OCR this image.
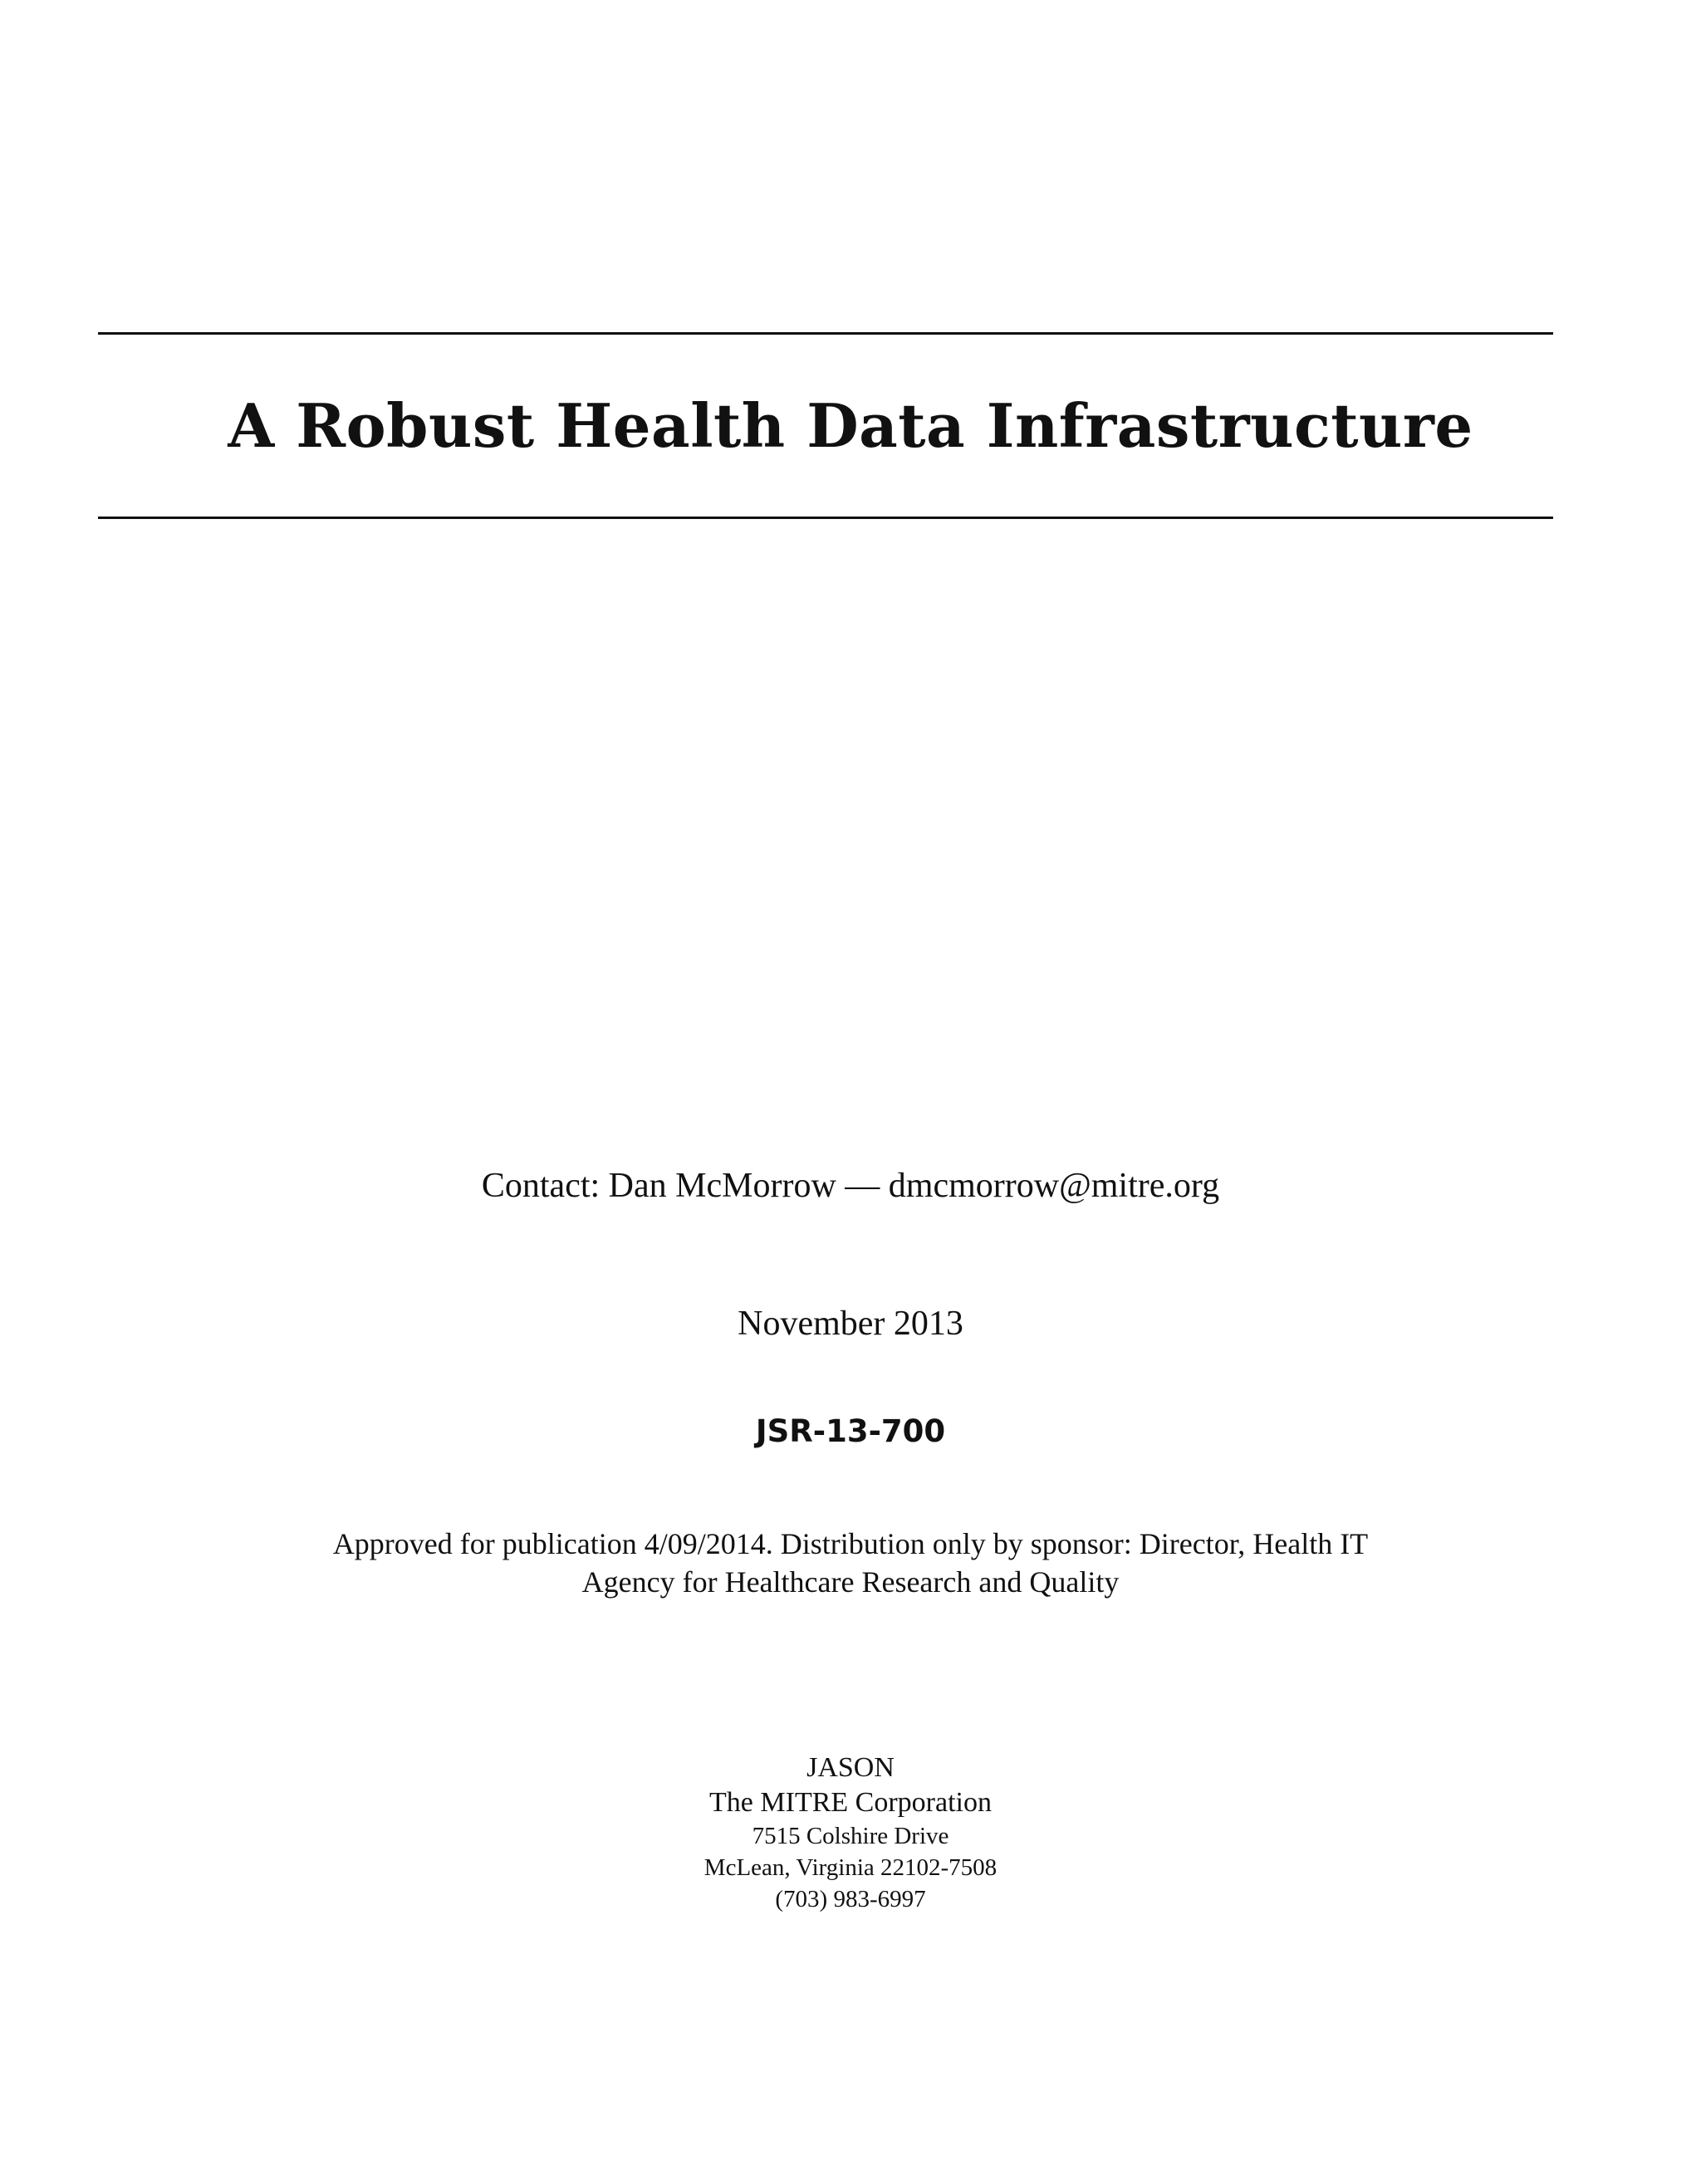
A Robust Health Data Infrastructure
Contact: Dan McMorrow — dmcmorrow@mitre.org
November 2013
JSR-13-700
Approved for publication 4/09/2014. Distribution only by sponsor: Director, Health IT
Agency for Healthcare Research and Quality
JASON
The MITRE Corporation
7515 Colshire Drive
McLean, Virginia 22102-7508
(703) 983-6997
